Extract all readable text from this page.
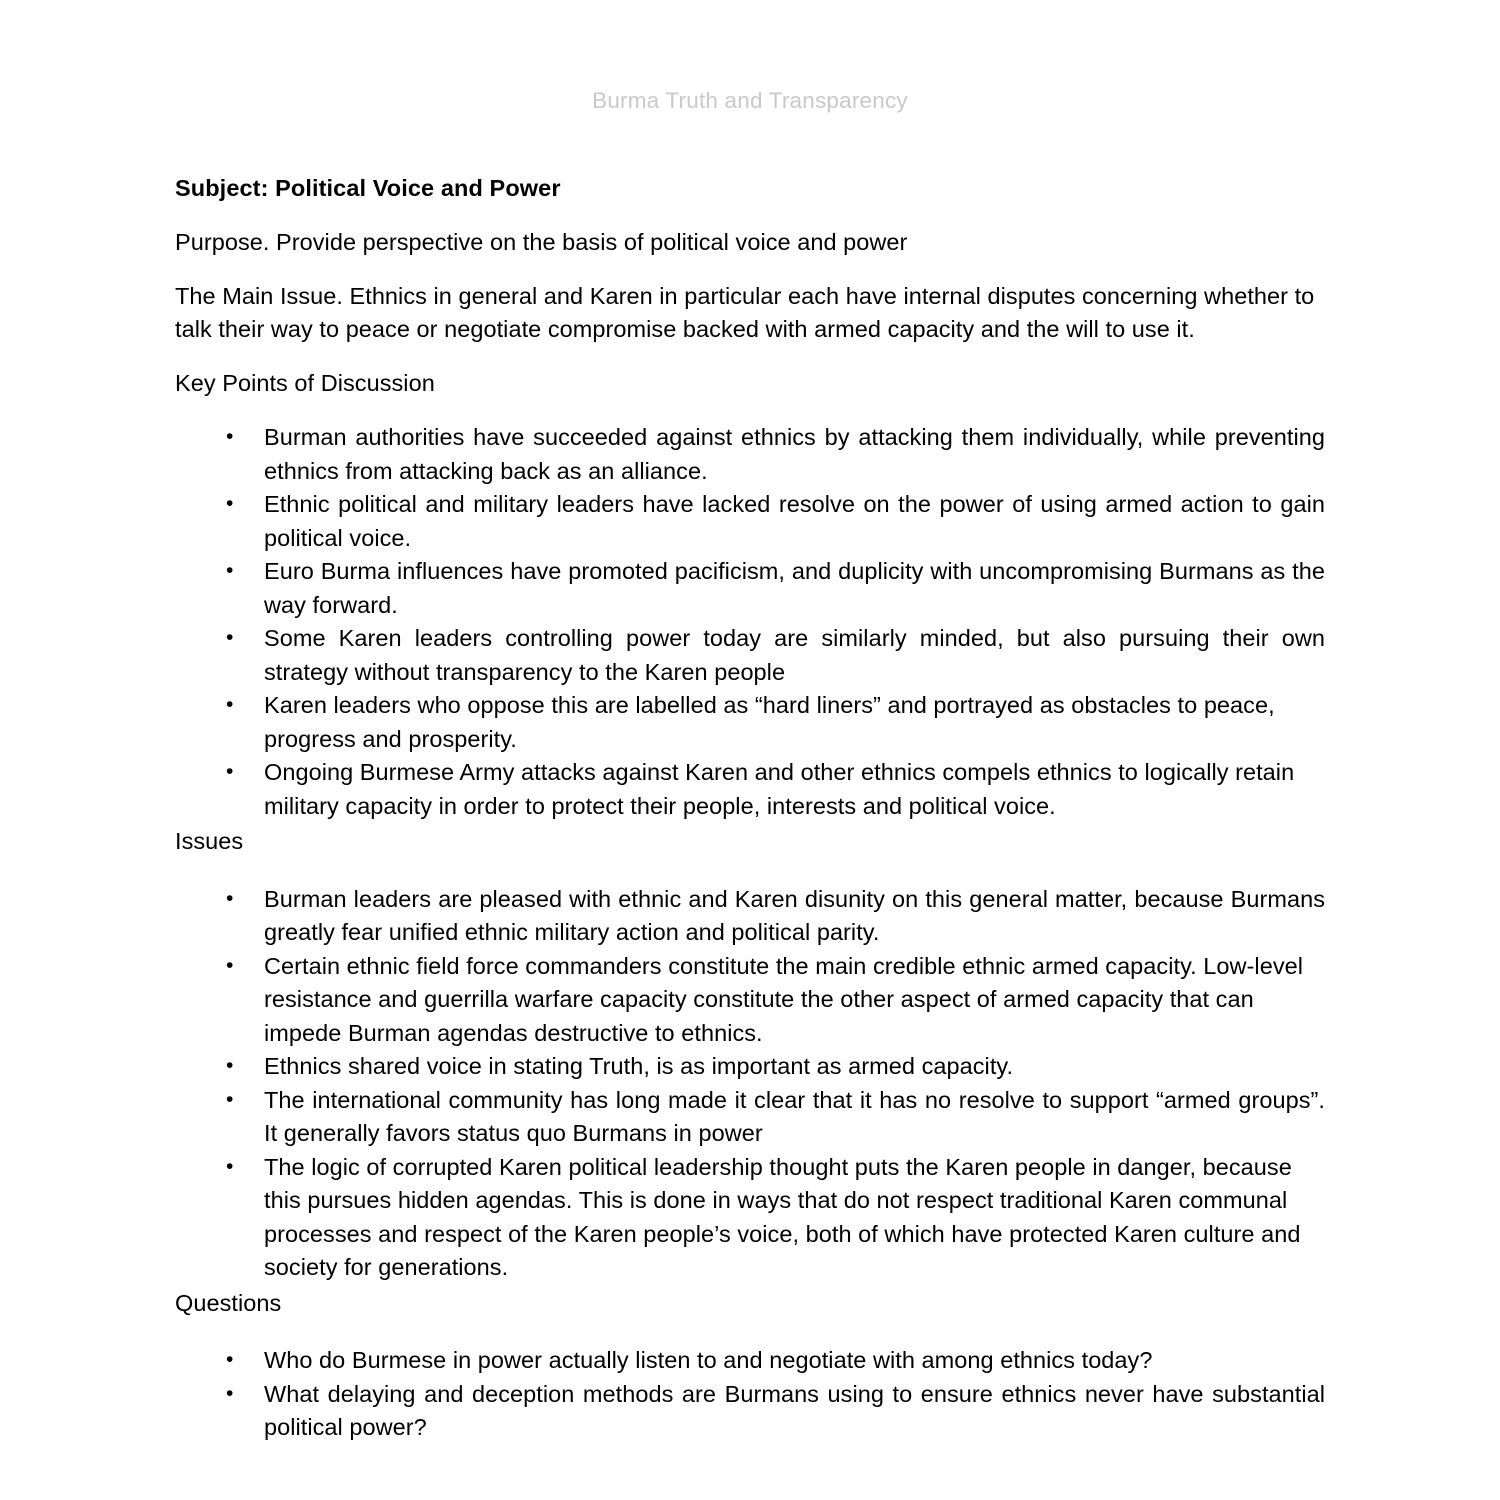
Burma Truth and Transparency

Subject: Political Voice and Power

Purpose. Provide perspective on the basis of political voice and power

The Main Issue. Ethnics in general and Karen in particular each have internal disputes concerning whether to talk their way to peace or negotiate compromise backed with armed capacity and the will to use it.

Key Points of Discussion

• Burman authorities have succeeded against ethnics by attacking them individually, while preventing ethnics from attacking back as an alliance.
• Ethnic political and military leaders have lacked resolve on the power of using armed action to gain political voice.
• Euro Burma influences have promoted pacificism, and duplicity with uncompromising Burmans as the way forward.
• Some Karen leaders controlling power today are similarly minded, but also pursuing their own strategy without transparency to the Karen people
• Karen leaders who oppose this are labelled as “hard liners” and portrayed as obstacles to peace, progress and prosperity.
• Ongoing Burmese Army attacks against Karen and other ethnics compels ethnics to logically retain military capacity in order to protect their people, interests and political voice.

Issues

• Burman leaders are pleased with ethnic and Karen disunity on this general matter, because Burmans greatly fear unified ethnic military action and political parity.
• Certain ethnic field force commanders constitute the main credible ethnic armed capacity. Low-level resistance and guerrilla warfare capacity constitute the other aspect of armed capacity that can impede Burman agendas destructive to ethnics.
• Ethnics shared voice in stating Truth, is as important as armed capacity.
• The international community has long made it clear that it has no resolve to support “armed groups”. It generally favors status quo Burmans in power
• The logic of corrupted Karen political leadership thought puts the Karen people in danger, because this pursues hidden agendas. This is done in ways that do not respect traditional Karen communal processes and respect of the Karen people’s voice, both of which have protected Karen culture and society for generations.

Questions

• Who do Burmese in power actually listen to and negotiate with among ethnics today?
• What delaying and deception methods are Burmans using to ensure ethnics never have substantial political power?
